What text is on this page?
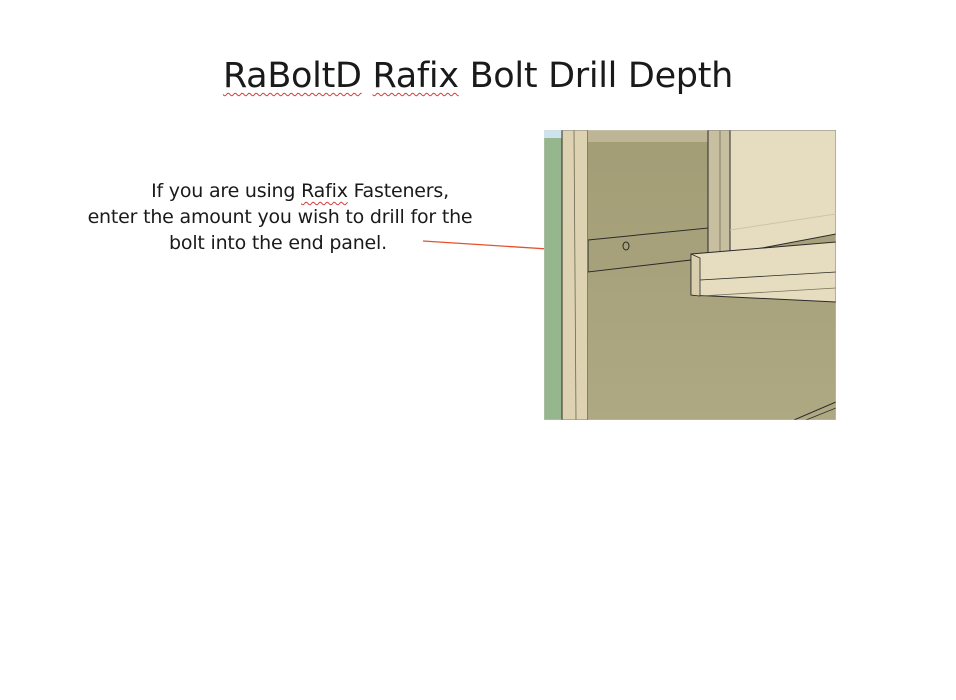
RaBoltD Rafix Bolt Drill Depth
If you are using Rafix Fasteners,
enter the amount you wish to drill for the
bolt into the end panel.
